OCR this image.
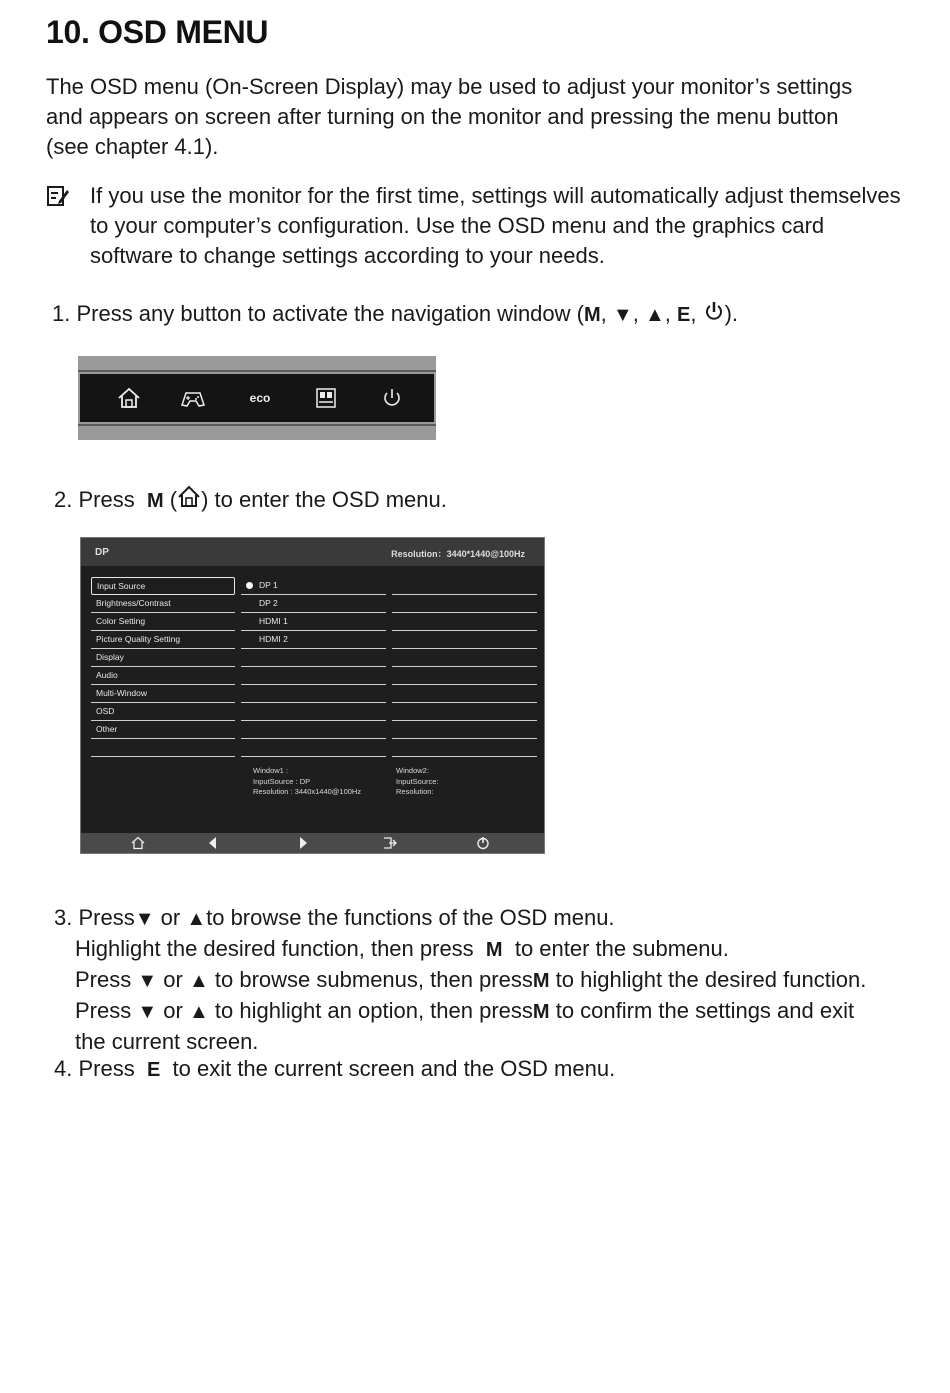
10. OSD MENU
The OSD menu (On-Screen Display) may be used to adjust your monitor’s settings and appears on screen after turning on the monitor and pressing the menu button (see chapter 4.1).
If you use the monitor for the first time, settings will automatically adjust themselves to your computer’s configuration. Use the OSD menu and the graphics card software to change settings according to your needs.
1. Press any button to activate the navigation window (M, ▼, ▲, E, ).
eco
2. Press M ( ) to enter the OSD menu.
DP	Resolution：3440*1440@100Hz
Input Source
Brightness/Contrast
Color Setting
Picture Quality Setting
Display
Audio
Multi-Window
OSD
Other
DP 1
DP 2
HDMI 1
HDMI 2
Window1 :
InputSource : DP
Resolution : 3440x1440@100Hz
Window2:
InputSource:
Resolution:
3. Press▼ or ▲to browse the functions of the OSD menu.
Highlight the desired function, then press M to enter the submenu.
Press ▼ or ▲ to browse submenus, then pressM to highlight the desired function.
Press ▼ or ▲ to highlight an option, then pressM to confirm the settings and exit
the current screen.
4. Press E to exit the current screen and the OSD menu.
